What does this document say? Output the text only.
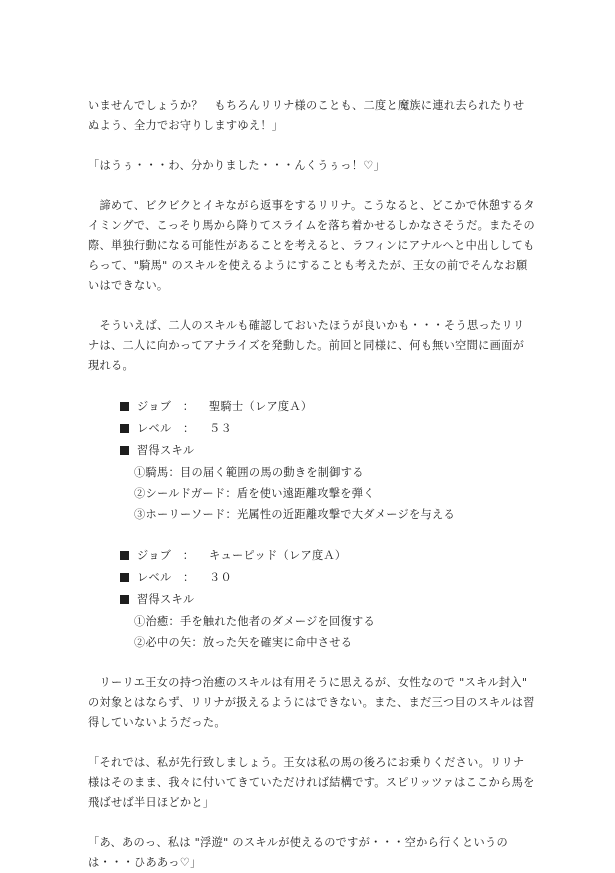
いませんでしょうか？　もちろんリリナ様のことも、二度と魔族に連れ去られたりせぬよう、全力でお守りしますゆえ！」

「はうぅ・・・わ、分かりました・・・んくうぅっ！♡」

諦めて、ビクビクとイキながら返事をするリリナ。こうなると、どこかで休憩するタイミングで、こっそり馬から降りてスライムを落ち着かせるしかなさそうだ。またその際、単独行動になる可能性があることを考えると、ラフィンにアナルへと中出ししてもらって、"騎馬" のスキルを使えるようにすることも考えたが、王女の前でそんなお願いはできない。

そういえば、二人のスキルも確認しておいたほうが良いかも・・・そう思ったリリナは、二人に向かってアナライズを発動した。前回と同様に、何も無い空間に画面が現れる。

ジョブ　： 聖騎士（レア度Ａ）
レベル　： ５３
習得スキル
①騎馬：目の届く範囲の馬の動きを制御する
②シールドガード：盾を使い遠距離攻撃を弾く
③ホーリーソード：光属性の近距離攻撃で大ダメージを与える
ジョブ　： キューピッド（レア度Ａ）
レベル　： ３０
習得スキル
①治癒：手を触れた他者のダメージを回復する
②必中の矢：放った矢を確実に命中させる

リーリエ王女の持つ治癒のスキルは有用そうに思えるが、女性なので "スキル封入" の対象とはならず、リリナが扱えるようにはできない。また、まだ三つ目のスキルは習得していないようだった。

「それでは、私が先行致しましょう。王女は私の馬の後ろにお乗りください。リリナ様はそのまま、我々に付いてきていただければ結構です。スピリッツァはここから馬を飛ばせば半日ほどかと」

「あ、あのっ、私は "浮遊" のスキルが使えるのですが・・・空から行くというのは・・・ひああっ♡」
